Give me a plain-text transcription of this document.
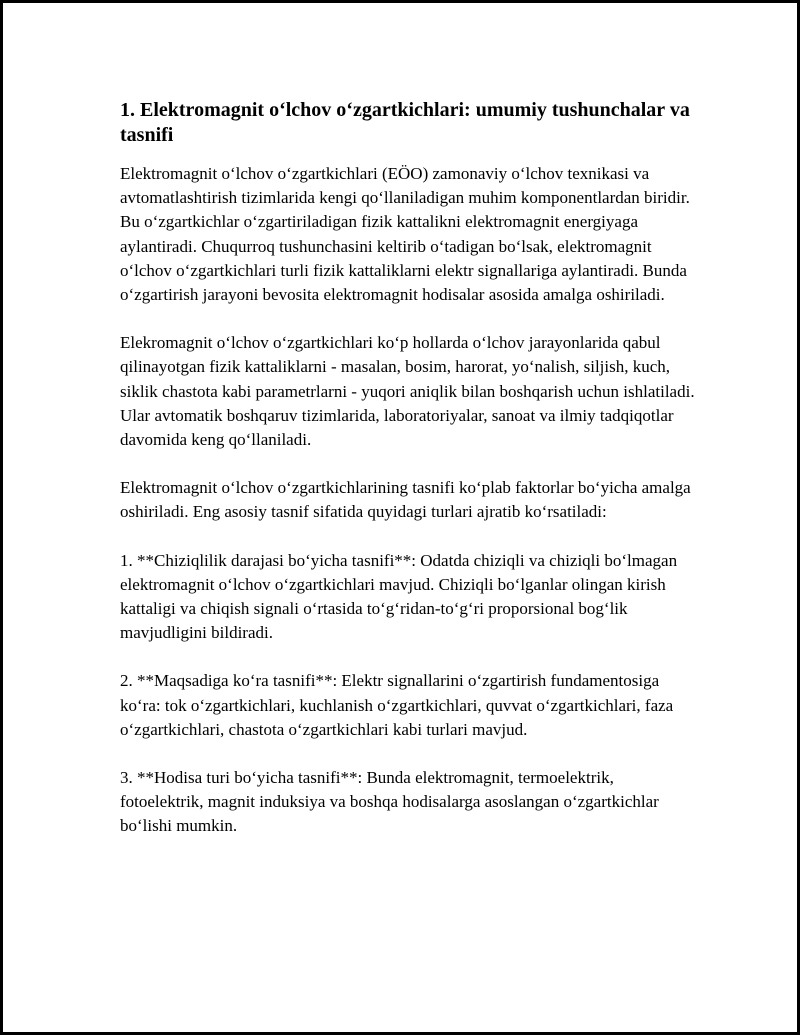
1. Elektromagnit o‘lchov o‘zgartkichlari: umumiy tushunchalar va tasnifi

Elektromagnit o‘lchov o‘zgartkichlari (EÖO) zamonaviy o‘lchov texnikasi va avtomatlashtirish tizimlarida kengi qo‘llaniladigan muhim komponentlardan biridir. Bu o‘zgartkichlar o‘zgartiriladigan fizik kattalikni elektromagnit energiyaga aylantiradi. Chuqurroq tushunchasini keltirib o‘tadigan bo‘lsak, elektromagnit o‘lchov o‘zgartkichlari turli fizik kattaliklarni elektr signallariga aylantiradi. Bunda o‘zgartirish jarayoni bevosita elektromagnit hodisalar asosida amalga oshiriladi.

Elekromagnit o‘lchov o‘zgartkichlari ko‘p hollarda o‘lchov jarayonlarida qabul qilinayotgan fizik kattaliklarni - masalan, bosim, harorat, yo‘nalish, siljish, kuch, siklik chastota kabi parametrlarni - yuqori aniqlik bilan boshqarish uchun ishlatiladi. Ular avtomatik boshqaruv tizimlarida, laboratoriyalar, sanoat va ilmiy tadqiqotlar davomida keng qo‘llaniladi.

Elektromagnit o‘lchov o‘zgartkichlarining tasnifi ko‘plab faktorlar bo‘yicha amalga oshiriladi. Eng asosiy tasnif sifatida quyidagi turlari ajratib ko‘rsatiladi:

1. **Chiziqlilik darajasi bo‘yicha tasnifi**: Odatda chiziqli va chiziqli bo‘lmagan elektromagnit o‘lchov o‘zgartkichlari mavjud. Chiziqli bo‘lganlar olingan kirish kattaligi va chiqish signali o‘rtasida to‘g‘ridan-to‘g‘ri proporsional bog‘lik mavjudligini bildiradi.

2. **Maqsadiga ko‘ra tasnifi**: Elektr signallarini o‘zgartirish fundamentosiga ko‘ra: tok o‘zgartkichlari, kuchlanish o‘zgartkichlari, quvvat o‘zgartkichlari, faza o‘zgartkichlari, chastota o‘zgartkichlari kabi turlari mavjud.

3. **Hodisa turi bo‘yicha tasnifi**: Bunda elektromagnit, termoelektrik, fotoelektrik, magnit induksiya va boshqa hodisalarga asoslangan o‘zgartkichlar bo‘lishi mumkin.
